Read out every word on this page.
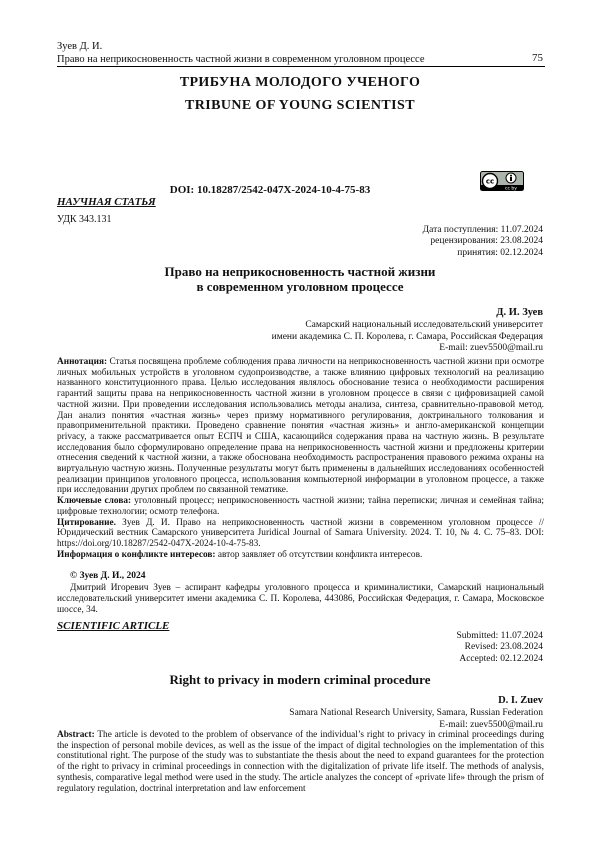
Зуев Д. И.
Право на неприкосновенность частной жизни в современном уголовном процессе	75
ТРИБУНА МОЛОДОГО УЧЕНОГО
TRIBUNE OF YOUNG SCIENTIST
DOI: 10.18287/2542-047X-2024-10-4-75-83
cc
cc by
НАУЧНАЯ СТАТЬЯ
УДК 343.131
Дата поступления: 11.07.2024
рецензирования: 23.08.2024
принятия: 02.12.2024
Право на неприкосновенность частной жизни
в современном уголовном процессе
Д. И. Зуев
Самарский национальный исследовательский университет
имени академика С. П. Королева, г. Самара, Российская Федерация
E-mail: zuev5500@mail.ru
Аннотация: Статья посвящена проблеме соблюдения права личности на неприкосновенность частной жизни при осмотре личных мобильных устройств в уголовном судопроизводстве, а также влиянию цифровых технологий на реализацию названного конституционного права. Целью исследования являлось обоснование тезиса о необходимости расширения гарантий защиты права на неприкосновенность частной жизни в уголовном процессе в связи с цифровизацией самой частной жизни. При проведении исследования использовались методы анализа, синтеза, сравнительно-правовой метод. Дан анализ понятия «частная жизнь» через призму нормативного регулирования, доктринального толкования и правоприменительной практики. Проведено сравнение понятия «частная жизнь» и англо-американской концепции privacy, а также рассматривается опыт ЕСПЧ и США, касающийся содержания права на частную жизнь. В результате исследования было сформулировано определение права на неприкосновенность частной жизни и предложены критерии отнесения сведений к частной жизни, а также обоснована необходимость распространения правового режима охраны на виртуальную частную жизнь. Полученные результаты могут быть применены в дальнейших исследованиях особенностей реализации принципов уголовного процесса, использования компьютерной информации в уголовном процессе, а также при исследовании других проблем по связанной тематике.
Ключевые слова: уголовный процесс; неприкосновенность частной жизни; тайна переписки; личная и семейная тайна; цифровые технологии; осмотр телефона.
Цитирование. Зуев Д. И. Право на неприкосновенность частной жизни в современном уголовном процессе // Юридический вестник Самарского университета Juridical Journal of Samara University. 2024. Т. 10, № 4. С. 75–83. DOI: https://doi.org/10.18287/2542-047X-2024-10-4-75-83.
Информация о конфликте интересов: автор заявляет об отсутствии конфликта интересов.
© Зуев Д. И., 2024
Дмитрий Игоревич Зуев – аспирант кафедры уголовного процесса и криминалистики, Самарский национальный исследовательский университет имени академика С. П. Королева, 443086, Российская Федерация, г. Самара, Московское шоссе, 34.
SCIENTIFIC ARTICLE
Submitted: 11.07.2024
Revised: 23.08.2024
Accepted: 02.12.2024
Right to privacy in modern criminal procedure
D. I. Zuev
Samara National Research University, Samara, Russian Federation
E-mail: zuev5500@mail.ru
Abstract: The article is devoted to the problem of observance of the individual’s right to privacy in criminal proceedings during the inspection of personal mobile devices, as well as the issue of the impact of digital technologies on the implementation of this constitutional right. The purpose of the study was to substantiate the thesis about the need to expand guarantees for the protection of the right to privacy in criminal proceedings in connection with the digitalization of private life itself. The methods of analysis, synthesis, comparative legal method were used in the study. The article analyzes the concept of «private life» through the prism of regulatory regulation, doctrinal interpretation and law enforcement
